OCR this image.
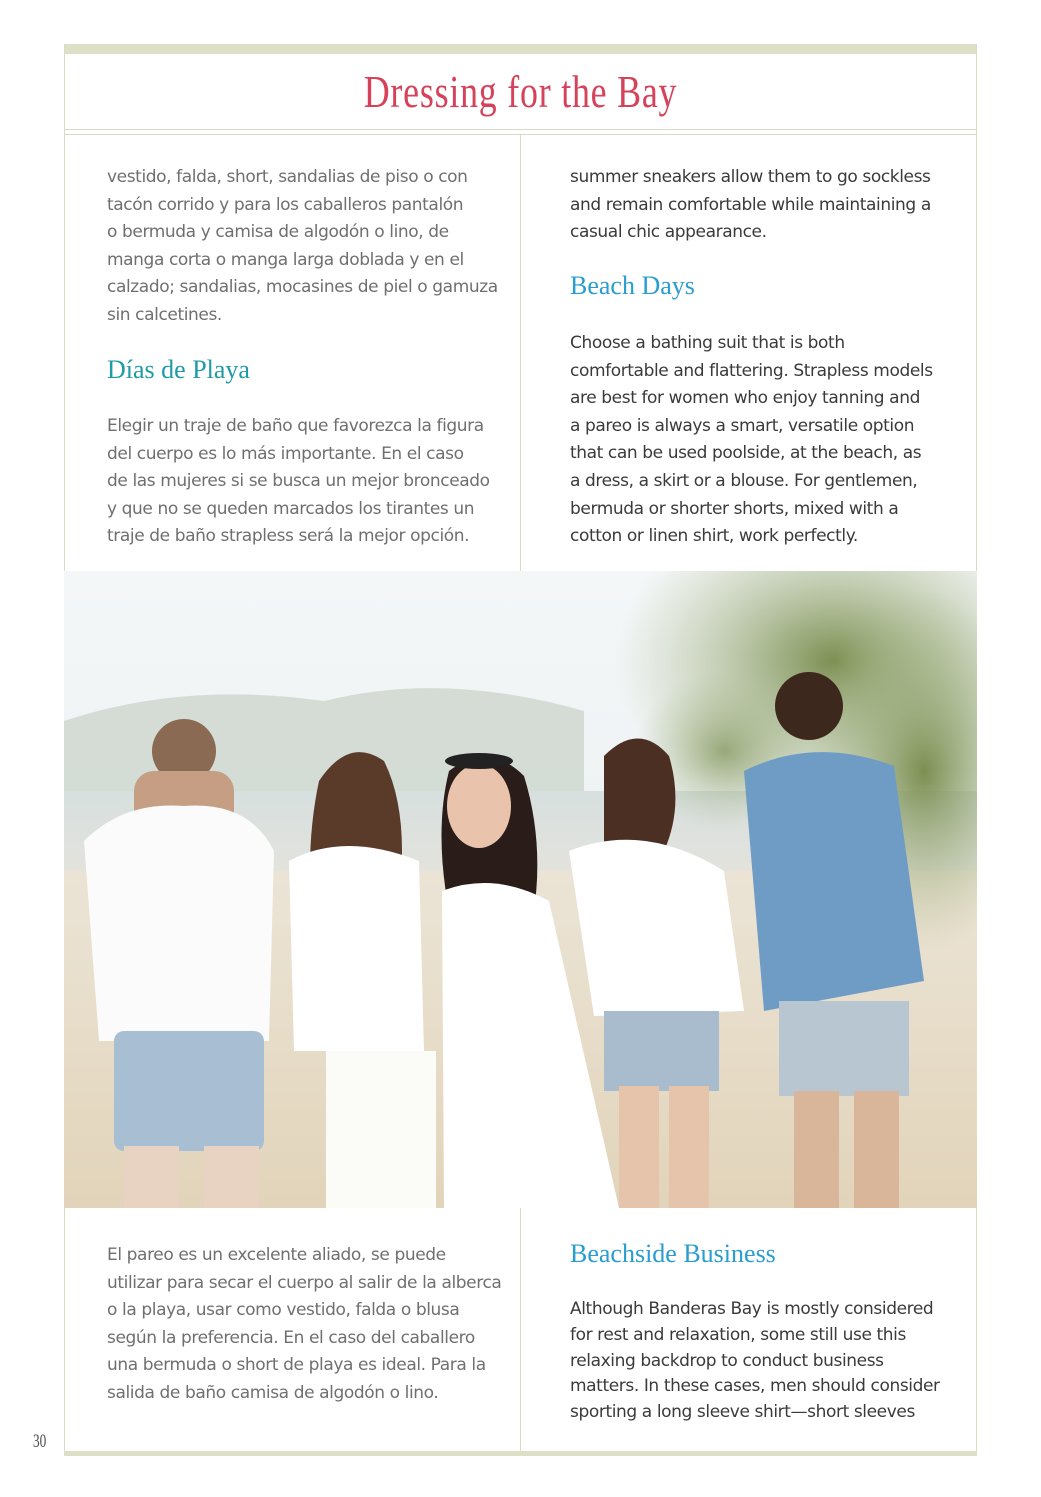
Dressing for the Bay

vestido, falda, short, sandalias de piso o con

tacón corrido y para los caballeros pantalón

o bermuda y camisa de algodón o lino, de

manga corta o manga larga doblada y en el

calzado; sandalias, mocasines de piel o gamuza

sin calcetines.

Días de Playa

Elegir un traje de baño que favorezca la figura

del cuerpo es lo más importante. En el caso

de las mujeres si se busca un mejor bronceado

y que no se queden marcados los tirantes un

traje de baño strapless será la mejor opción.

summer sneakers allow them to go sockless

and remain comfortable while maintaining a

casual chic appearance.

Beach Days

Choose a bathing suit that is both

comfortable and flattering. Strapless models

are best for women who enjoy tanning and

a pareo is always a smart, versatile option

that can be used poolside, at the beach, as

a dress, a skirt or a blouse. For gentlemen,

bermuda or shorter shorts, mixed with a

cotton or linen shirt, work perfectly.

El pareo es un excelente aliado, se puede

utilizar para secar el cuerpo al salir de la alberca

o la playa, usar como vestido, falda o blusa

según la preferencia. En el caso del caballero

una bermuda o short de playa es ideal. Para la

salida de baño camisa de algodón o lino.

Beachside Business

Although Banderas Bay is mostly considered

for rest and relaxation, some still use this

relaxing backdrop to conduct business

matters. In these cases, men should consider

sporting a long sleeve shirt—short sleeves

30
